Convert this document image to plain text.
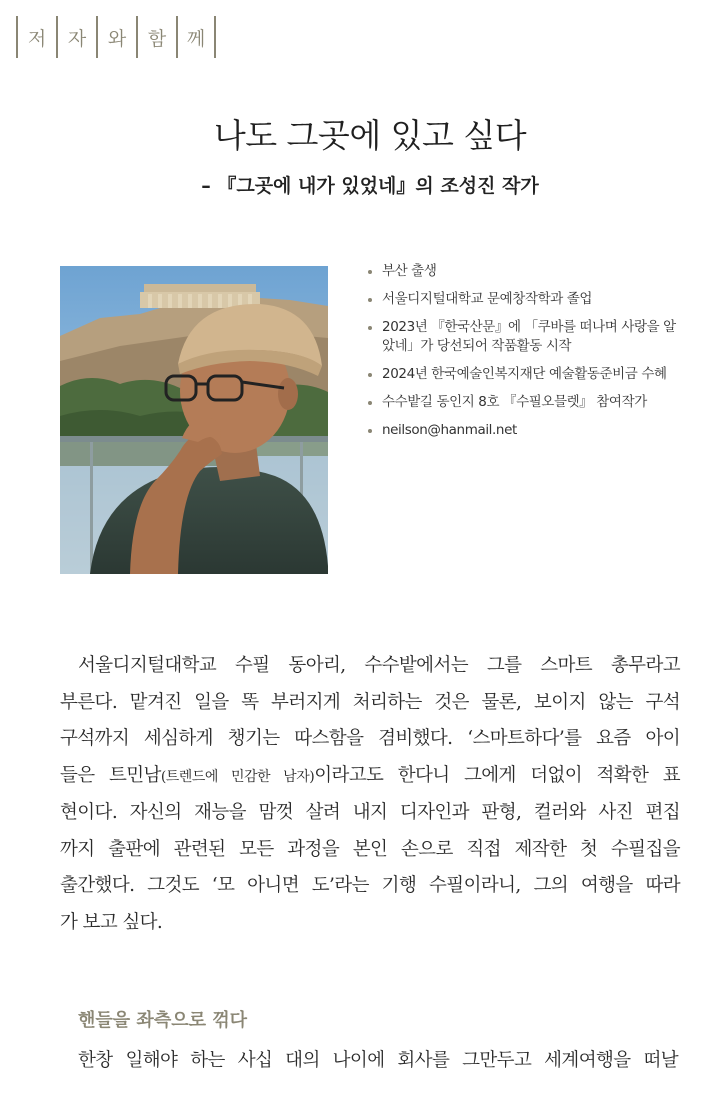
저	자	와	함	께
나도 그곳에 있고 싶다
– 『그곳에 내가 있었네』의 조성진 작가
부산 출생
서울디지털대학교 문예창작학과 졸업
2023년 『한국산문』에 「쿠바를 떠나며 사랑을 알았네」가 당선되어 작품활동 시작
2024년 한국예술인복지재단 예술활동준비금 수혜
수수밭길 동인지 8호 『수필오믈렛』 참여작가
neilson@hanmail.net
서울디지털대학교 수필 동아리, 수수밭에서는 그를 스마트 총무라고
부른다. 맡겨진 일을 똑 부러지게 처리하는 것은 물론, 보이지 않는 구석
구석까지 세심하게 챙기는 따스함을 겸비했다. ‘스마트하다’를 요즘 아이
들은 트민남(트렌드에 민감한 남자)이라고도 한다니 그에게 더없이 적확한 표
현이다. 자신의 재능을 맘껏 살려 내지 디자인과 판형, 컬러와 사진 편집
까지 출판에 관련된 모든 과정을 본인 손으로 직접 제작한 첫 수필집을
출간했다. 그것도 ‘모 아니면 도’라는 기행 수필이라니, 그의 여행을 따라
가 보고 싶다.
핸들을 좌측으로 꺾다
한창 일해야 하는 사십 대의 나이에 회사를 그만두고 세계여행을 떠날
